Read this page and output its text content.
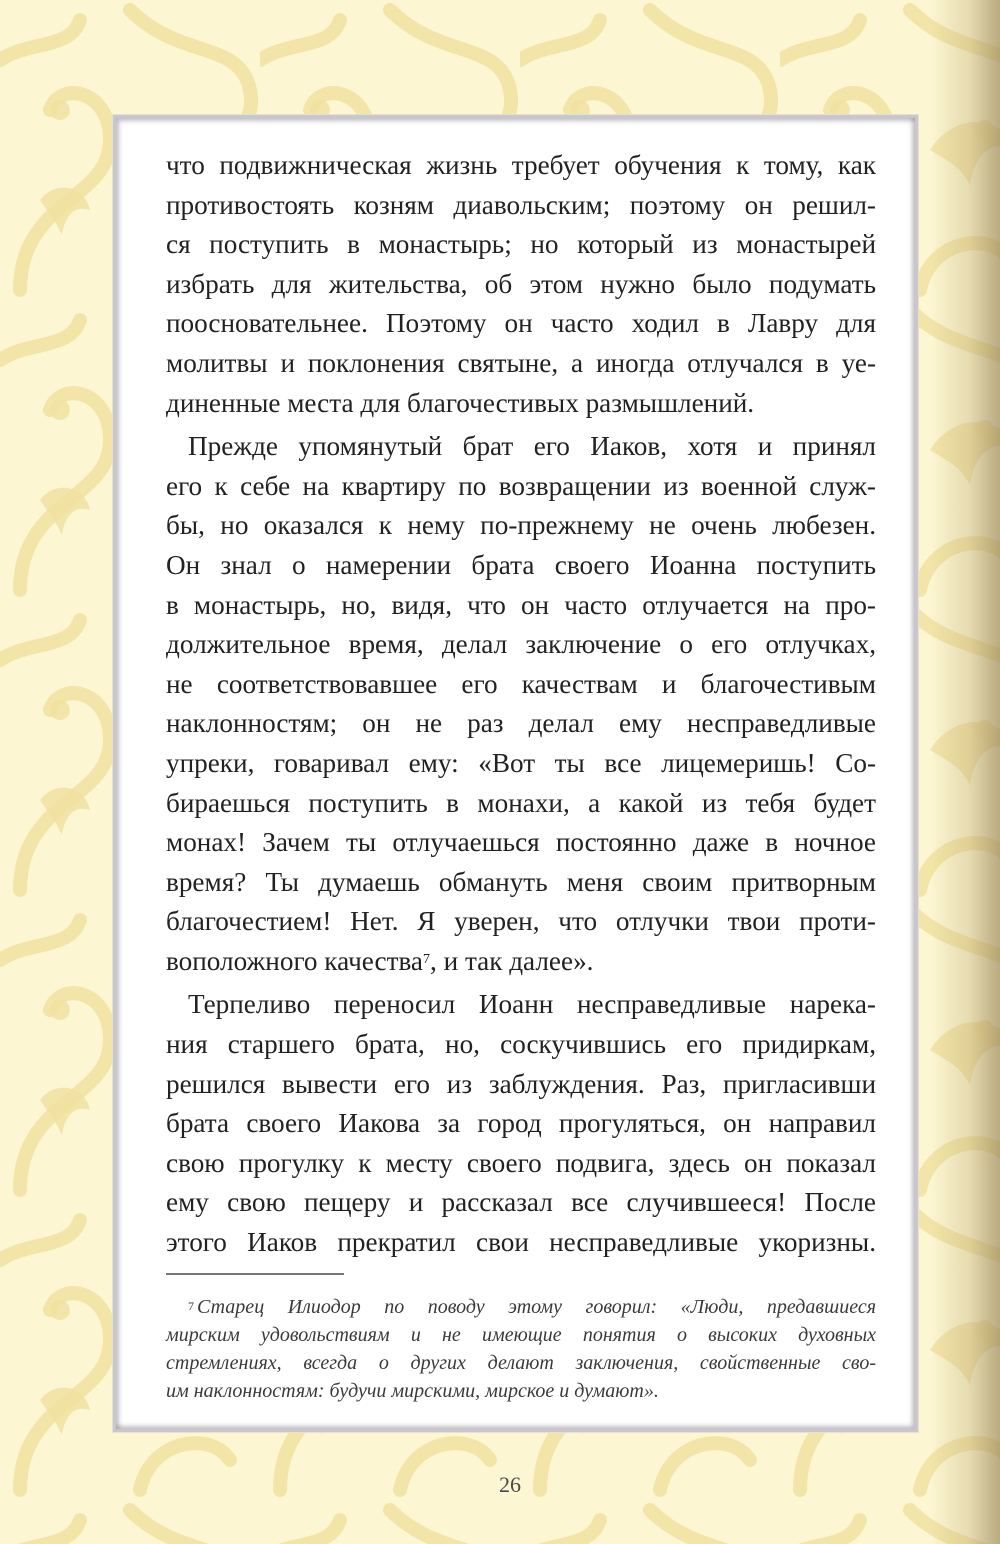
что подвижническая жизнь требует обучения к тому, как
противостоять козням диавольским; поэтому он решил-
ся поступить в монастырь; но который из монастырей
избрать для жительства, об этом нужно было подумать
поосновательнее. Поэтому он часто ходил в Лавру для
молитвы и поклонения святыне, а иногда отлучался в уе-
диненные места для благочестивых размышлений.

Прежде упомянутый брат его Иаков, хотя и принял
его к себе на квартиру по возвращении из военной служ-
бы, но оказался к нему по-прежнему не очень любезен.
Он знал о намерении брата своего Иоанна поступить
в монастырь, но, видя, что он часто отлучается на про-
должительное время, делал заключение о его отлучках,
не соответствовавшее его качествам и благочестивым
наклонностям; он не раз делал ему несправедливые
упреки, говаривал ему: «Вот ты все лицемеришь! Со-
бираешься поступить в монахи, а какой из тебя будет
монах! Зачем ты отлучаешься постоянно даже в ночное
время? Ты думаешь обмануть меня своим притворным
благочестием! Нет. Я уверен, что отлучки твои проти-
воположного качества$^7$, и так далее».

Терпеливо переносил Иоанн несправедливые нарека-
ния старшего брата, но, соскучившись его придиркам,
решился вывести его из заблуждения. Раз, пригласивши
брата своего Иакова за город прогуляться, он направил
свою прогулку к месту своего подвига, здесь он показал
ему свою пещеру и рассказал все случившееся! После
этого Иаков прекратил свои несправедливые укоризны.

$^7$ Старец Илиодор по поводу этому говорил: «Люди, предавшиеся
мирским удовольствиям и не имеющие понятия о высоких духовных
стремлениях, всегда о других делают заключения, свойственные сво-
им наклонностям: будучи мирскими, мирское и думают».
26
